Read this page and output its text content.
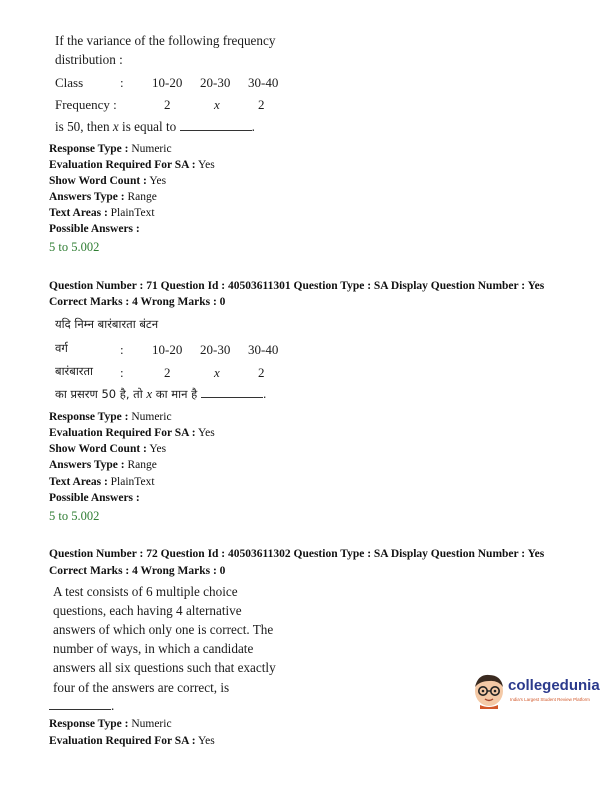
If the variance of the following frequency
distribution :
Class	: 10-20 20-30 30-40
Frequency :	2	x	2
is 50, then x is equal to	.
Response Type : Numeric
Evaluation Required For SA : Yes
Show Word Count : Yes
Answers Type : Range
Text Areas : PlainText
Possible Answers :
5 to 5.002
Question Number : 71 Question Id : 40503611301 Question Type : SA Display Question Number : Yes
Correct Marks : 4 Wrong Marks : 0
यदि निम्न बारंबारता बंटन
वर्ग	: 10-20 20-30 30-40
बारंबारता :	2	x	2
का प्रसरण 50 है, तो x का मान है	.
Response Type : Numeric
Evaluation Required For SA : Yes
Show Word Count : Yes
Answers Type : Range
Text Areas : PlainText
Possible Answers :
5 to 5.002
Question Number : 72 Question Id : 40503611302 Question Type : SA Display Question Number : Yes
Correct Marks : 4 Wrong Marks : 0
A test consists of 6 multiple choice
questions, each having 4 alternative
answers of which only one is correct. The
number of ways, in which a candidate
answers all six questions such that exactly
four of the answers are correct, is
.
Response Type : Numeric
Evaluation Required For SA : Yes
collegedunia
India's Largest Student Review Platform
